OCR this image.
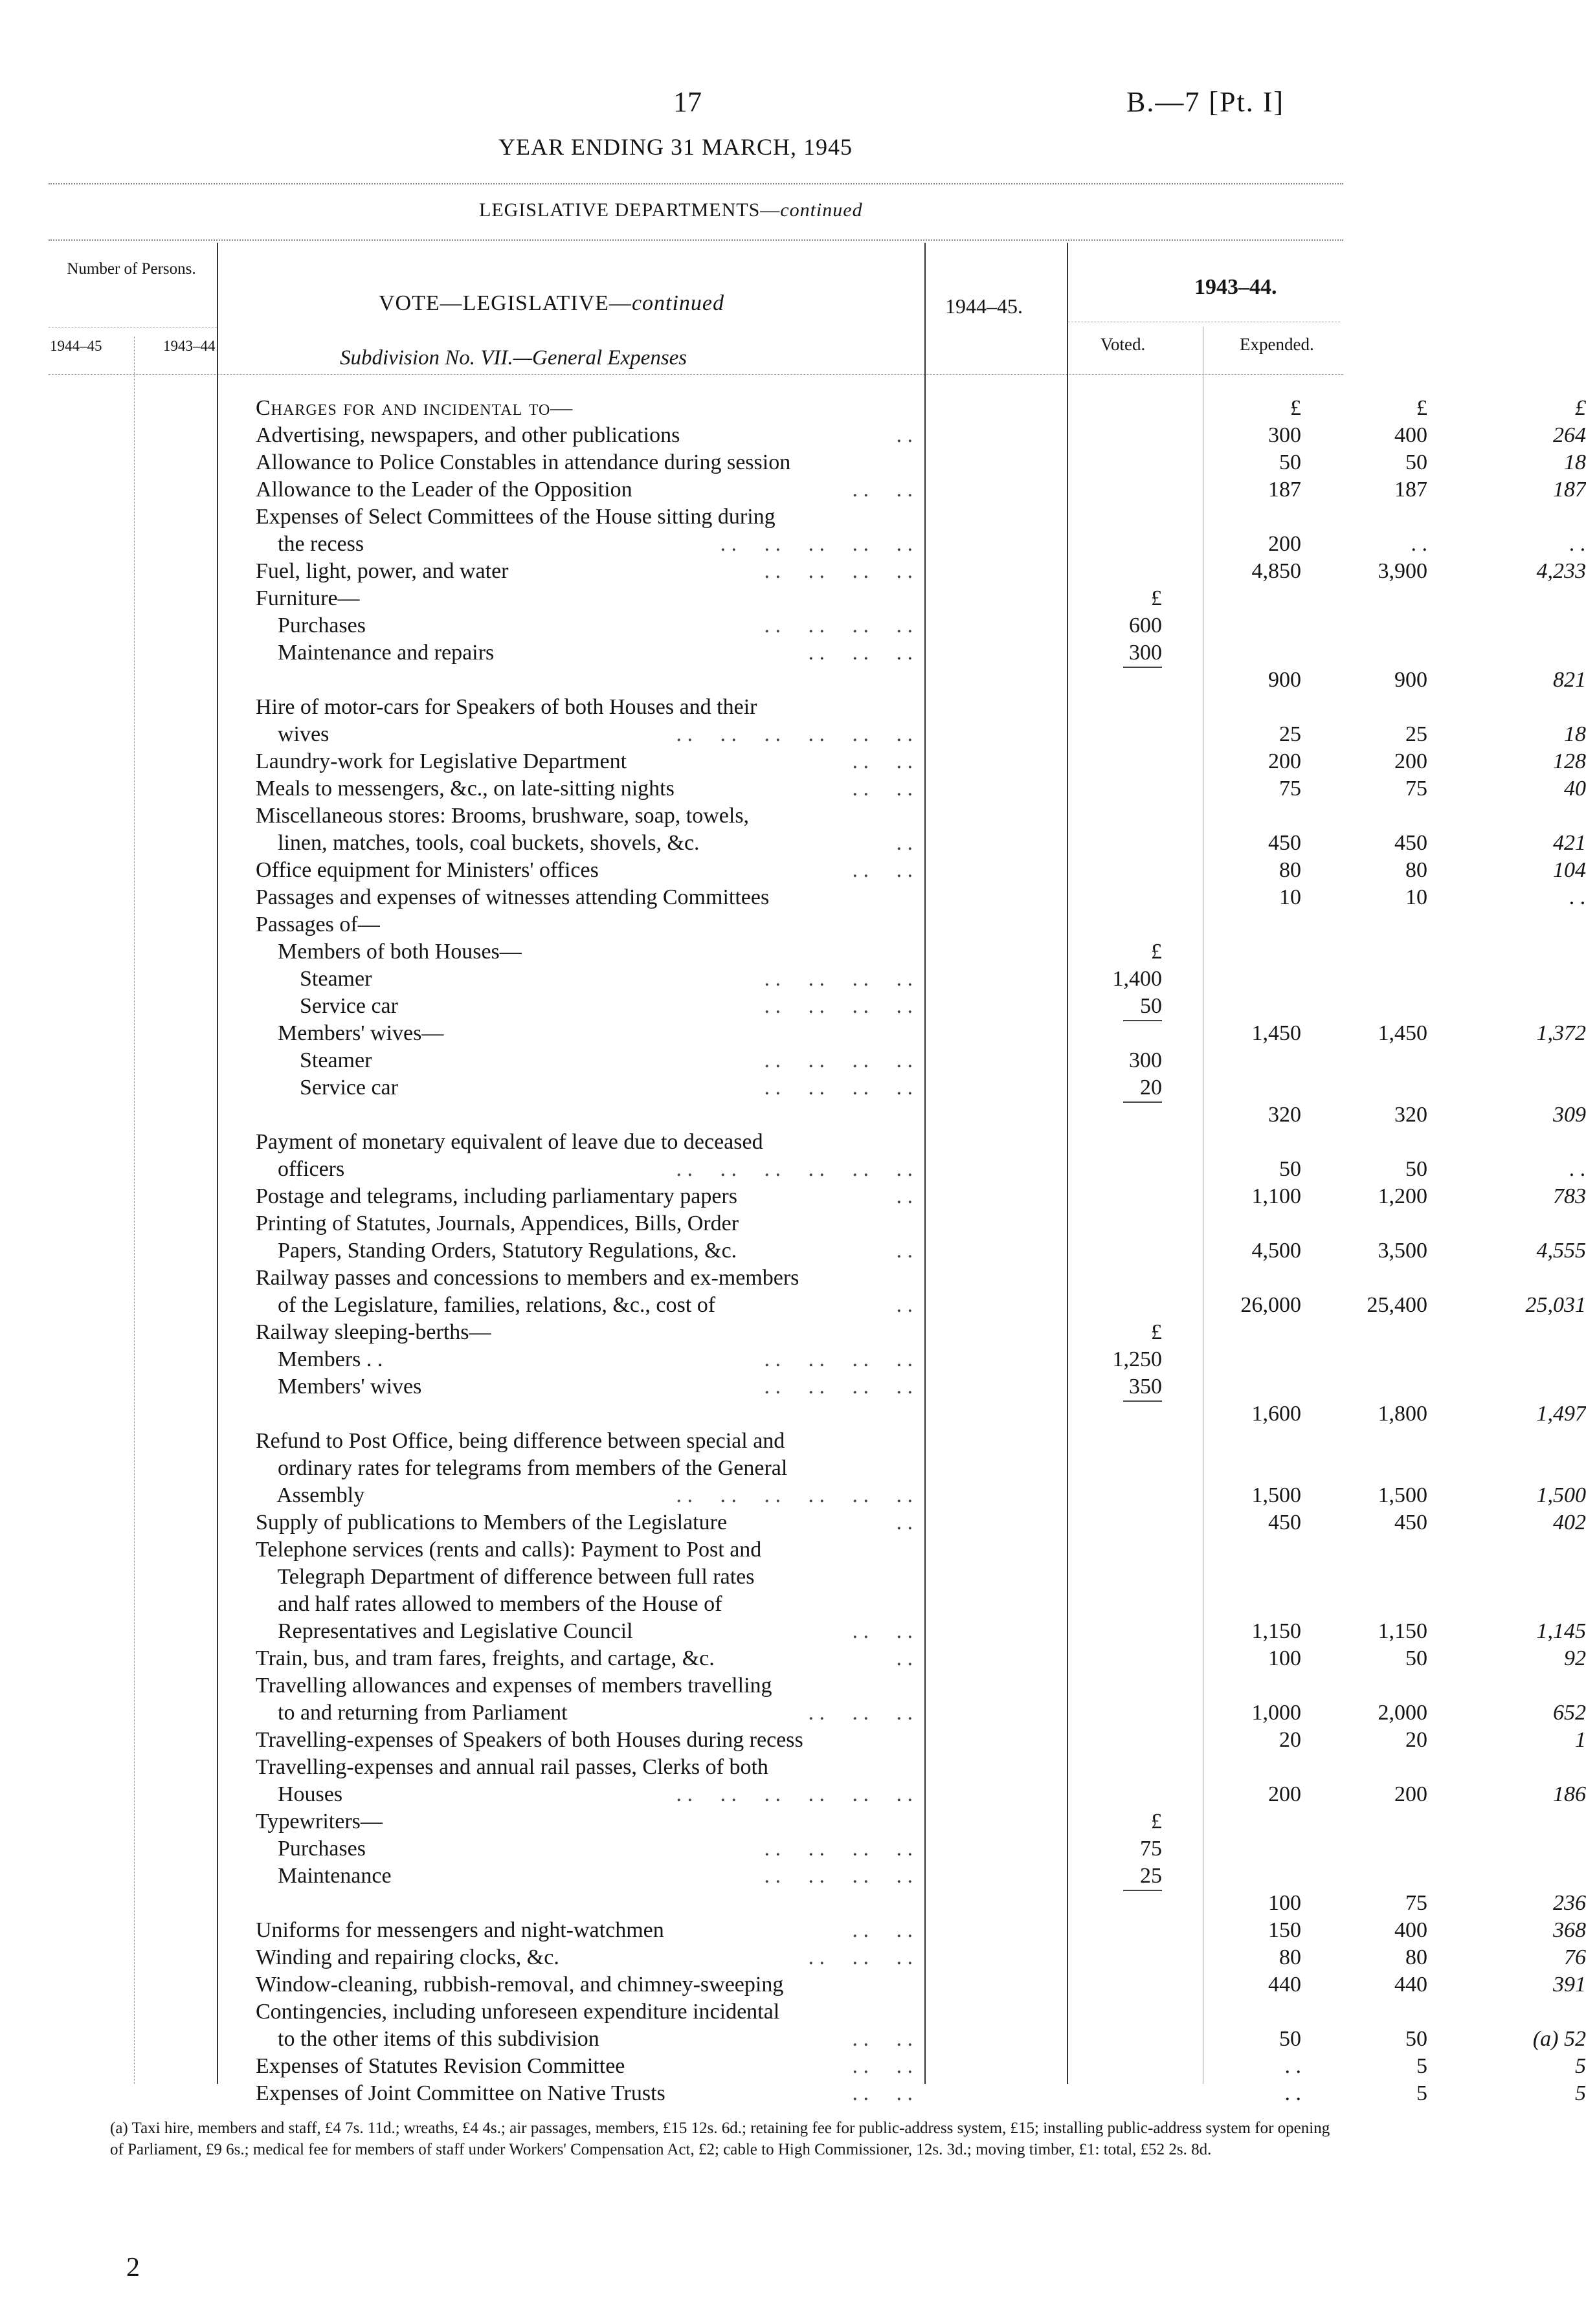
17	B.—7 [Pt. I]
YEAR ENDING 31 MARCH, 1945
LEGISLATIVE DEPARTMENTS—continued
Number of Persons.
1944–45	1943–44
VOTE—LEGISLATIVE—continued
Subdivision No. VII.—General Expenses
1944–45.
1943–44.
Voted.	Expended.
Charges for and incidental to—	£	£	£
Advertising, newspapers, and other publications	. .	300	400	264
Allowance to Police Constables in attendance during session	50	50	18
Allowance to the Leader of the Opposition	. .     . .	187	187	187
Expenses of Select Committees of the House sitting during
the recess	. .     . .     . .     . .     . .	200	. .	. .
Fuel, light, power, and water	. .     . .     . .     . .	4,850	3,900	4,233
Furniture—	£
Purchases	. .     . .     . .     . .	600
Maintenance and repairs	. .     . .     . .	300
900	900	821
Hire of motor-cars for Speakers of both Houses and their
wives	. .     . .     . .     . .     . .     . .	25	25	18
Laundry-work for Legislative Department	. .     . .	200	200	128
Meals to messengers, &c., on late-sitting nights	. .     . .	75	75	40
Miscellaneous stores: Brooms, brushware, soap, towels,
linen, matches, tools, coal buckets, shovels, &c.	. .	450	450	421
Office equipment for Ministers' offices	. .     . .	80	80	104
Passages and expenses of witnesses attending Committees	10	10	. .
Passages of—
Members of both Houses—	£
Steamer	. .     . .     . .     . .	1,400
Service car	. .     . .     . .     . .	50
Members' wives—	1,450	1,450	1,372
Steamer	. .     . .     . .     . .	300
Service car	. .     . .     . .     . .	20
320	320	309
Payment of monetary equivalent of leave due to deceased
officers	. .     . .     . .     . .     . .     . .	50	50	. .
Postage and telegrams, including parliamentary papers	. .	1,100	1,200	783
Printing of Statutes, Journals, Appendices, Bills, Order
Papers, Standing Orders, Statutory Regulations, &c.	. .	4,500	3,500	4,555
Railway passes and concessions to members and ex-members
of the Legislature, families, relations, &c., cost of	. .	26,000	25,400	25,031
Railway sleeping-berths—	£
Members . .	. .     . .     . .     . .	1,250
Members' wives	. .     . .     . .     . .	350
1,600	1,800	1,497
Refund to Post Office, being difference between special and
ordinary rates for telegrams from members of the General
Assembly	. .     . .     . .     . .     . .     . .	1,500	1,500	1,500
Supply of publications to Members of the Legislature	. .	450	450	402
Telephone services (rents and calls): Payment to Post and
Telegraph Department of difference between full rates
and half rates allowed to members of the House of
Representatives and Legislative Council	. .     . .	1,150	1,150	1,145
Train, bus, and tram fares, freights, and cartage, &c.	. .	100	50	92
Travelling allowances and expenses of members travelling
to and returning from Parliament	. .     . .     . .	1,000	2,000	652
Travelling-expenses of Speakers of both Houses during recess	20	20	1
Travelling-expenses and annual rail passes, Clerks of both
Houses	. .     . .     . .     . .     . .     . .	200	200	186
Typewriters—	£
Purchases	. .     . .     . .     . .	75
Maintenance	. .     . .     . .     . .	25
100	75	236
Uniforms for messengers and night-watchmen	. .     . .	150	400	368
Winding and repairing clocks, &c.	. .     . .     . .	80	80	76
Window-cleaning, rubbish-removal, and chimney-sweeping	440	440	391
Contingencies, including unforeseen expenditure incidental
to the other items of this subdivision	. .     . .	50	50	(a) 52
Expenses of Statutes Revision Committee	. .     . .	. .	5	5
Expenses of Joint Committee on Native Trusts	. .     . .	. .	5	5
(a) Taxi hire, members and staff, £4 7s. 11d.; wreaths, £4 4s.; air passages, members, £15 12s. 6d.; retaining fee for public-address system, £15; installing public-address system for opening of Parliament, £9 6s.; medical fee for members of staff under Workers' Compensation Act, £2; cable to High Commissioner, 12s. 3d.; moving timber, £1: total, £52 2s. 8d.
2
